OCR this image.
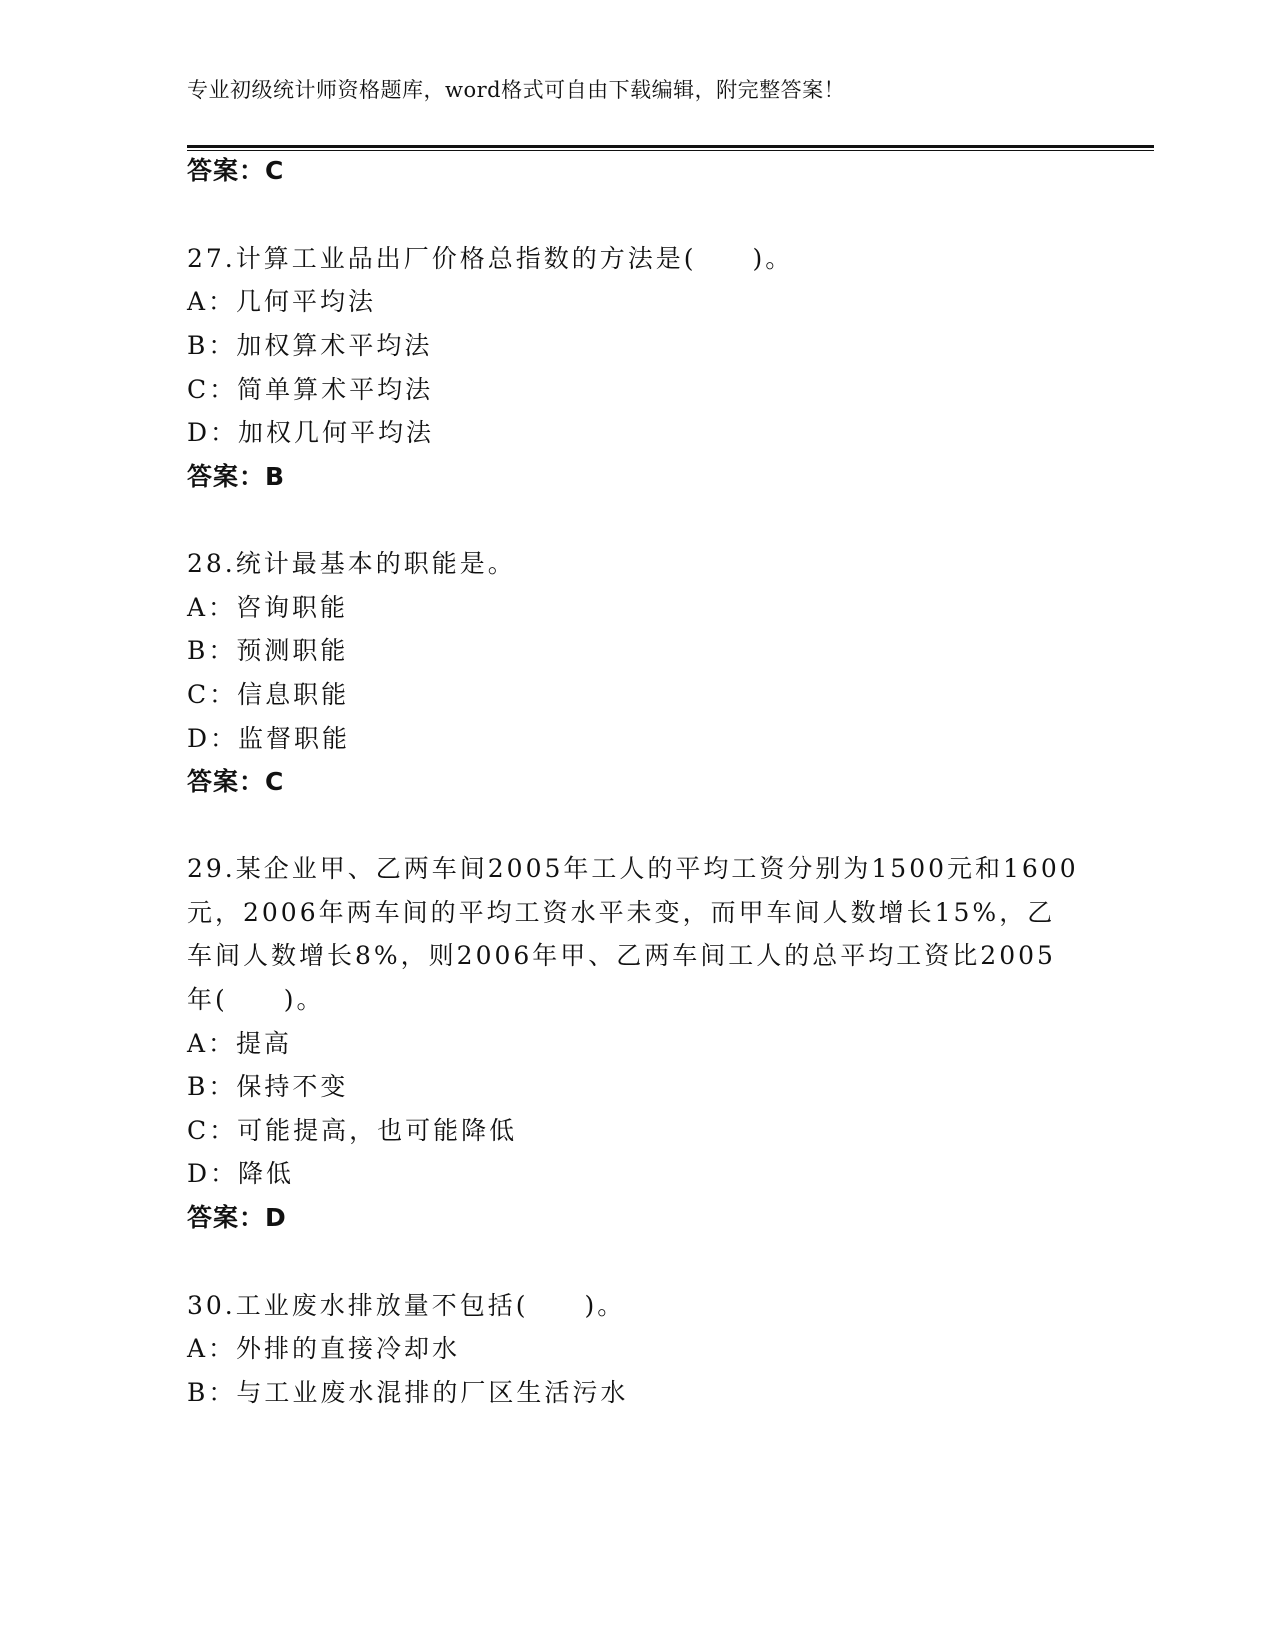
专业初级统计师资格题库，word格式可自由下载编辑，附完整答案！
答案：C
27.计算工业品出厂价格总指数的方法是(　　)。
A：几何平均法
B：加权算术平均法
C：简单算术平均法
D：加权几何平均法
答案：B
28.统计最基本的职能是。
A：咨询职能
B：预测职能
C：信息职能
D：监督职能
答案：C
29.某企业甲、乙两车间2005年工人的平均工资分别为1500元和1600
元，2006年两车间的平均工资水平未变，而甲车间人数增长15%，乙
车间人数增长8%，则2006年甲、乙两车间工人的总平均工资比2005
年(　　)。
A：提高
B：保持不变
C：可能提高，也可能降低
D：降低
答案：D
30.工业废水排放量不包括(　　)。
A：外排的直接冷却水
B：与工业废水混排的厂区生活污水
